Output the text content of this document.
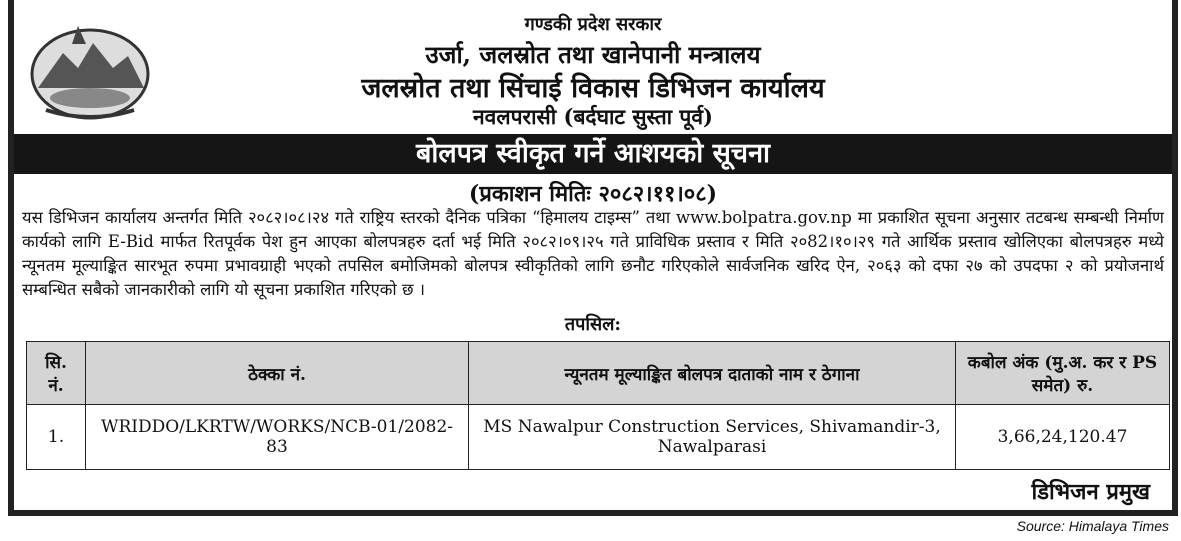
गण्डकी प्रदेश सरकार
उर्जा, जलस्रोत तथा खानेपानी मन्त्रालय
जलस्रोत तथा सिंचाई विकास डिभिजन कार्यालय
नवलपरासी (बर्दघाट सुस्ता पूर्व)
बोलपत्र स्वीकृत गर्ने आशयको सूचना
(प्रकाशन मितिः २०८२।११।०८)
यस डिभिजन कार्यालय अन्तर्गत मिति २०८२।०८।२४ गते राष्ट्रिय स्तरको दैनिक पत्रिका “हिमालय टाइम्स” तथा www.bolpatra.gov.np मा प्रकाशित सूचना अनुसार तटबन्ध सम्बन्धी निर्माण कार्यको लागि E-Bid मार्फत रितपूर्वक पेश हुन आएका बोलपत्रहरु दर्ता भई मिति २०८२।०९।२५ गते प्राविधिक प्रस्ताव र मिति २०82।१०।२९ गते आर्थिक प्रस्ताव खोलिएका बोलपत्रहरु मध्ये न्यूनतम मूल्याङ्कित सारभूत रुपमा प्रभावग्राही भएको तपसिल बमोजिमको बोलपत्र स्वीकृतिको लागि छनौट गरिएकोले सार्वजनिक खरिद ऐन, २०६३ को दफा २७ को उपदफा २ को प्रयोजनार्थ सम्बन्धित सबैको जानकारीको लागि यो सूचना प्रकाशित गरिएको छ ।
तपसिल:
सि. नं.	ठेक्का नं.	न्यूनतम मूल्याङ्कित बोलपत्र दाताको नाम र ठेगाना	कबोल अंक (मु.अ. कर र PS समेत) रु.
1.	WRIDDO/LKRTW/WORKS/NCB-01/2082-83	MS Nawalpur Construction Services, Shivamandir-3, Nawalparasi	3,66,24,120.47
डिभिजन प्रमुख
Source: Himalaya Times
